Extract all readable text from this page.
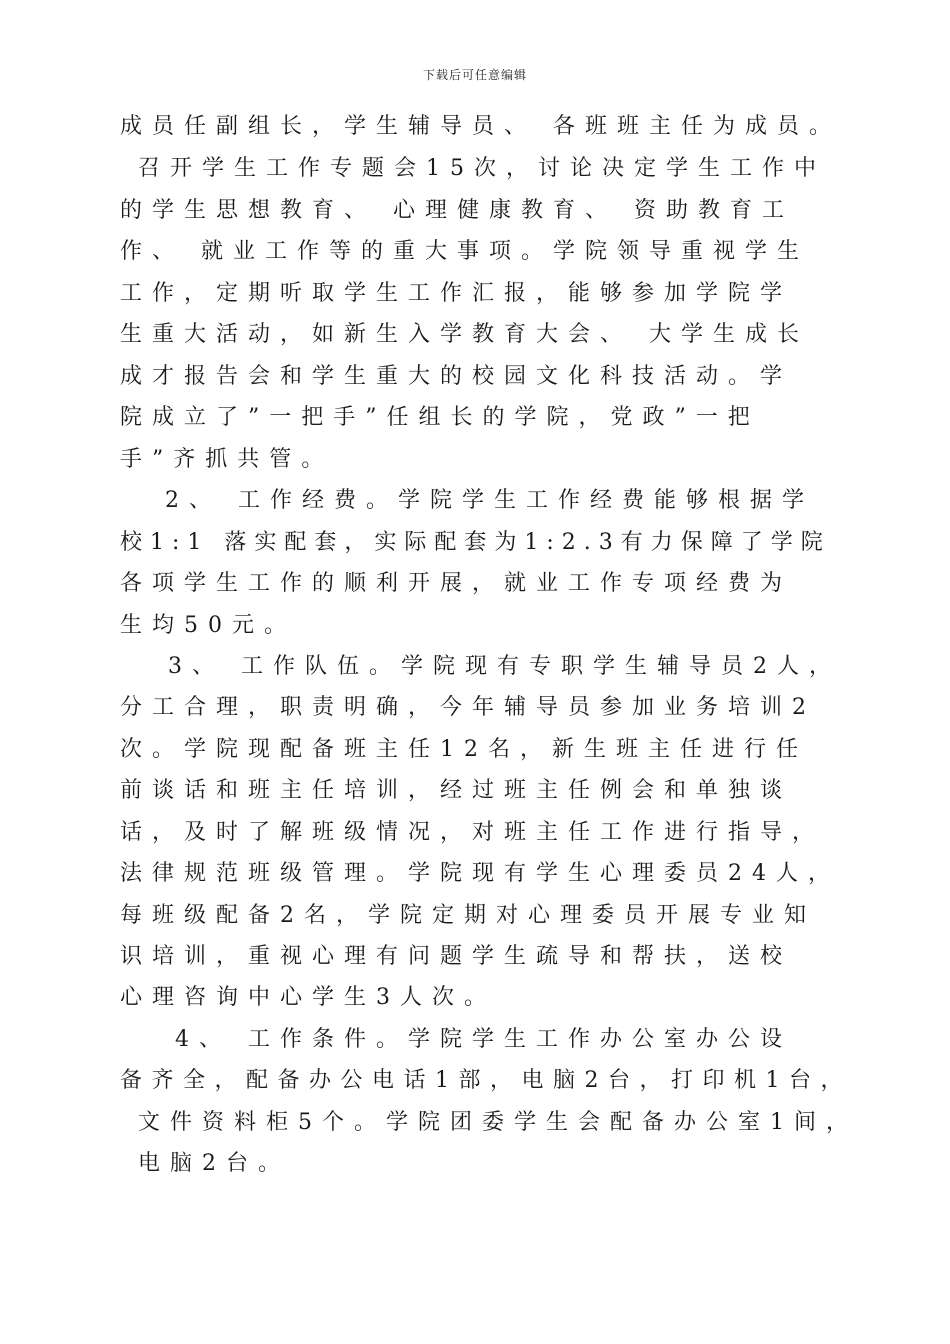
下载后可任意编辑
成员任副组长，学生辅导员、 各班班主任为成员。
召开学生工作专题会15次，讨论决定学生工作中
的学生思想教育、 心理健康教育、 资助教育工
作、 就业工作等的重大事项。学院领导重视学生
工作，定期听取学生工作汇报，能够参加学院学
生重大活动，如新生入学教育大会、 大学生成长
成才报告会和学生重大的校园文化科技活动。学
院成立了”一把手”任组长的学院，党政”一把
手”齐抓共管。
2、 工作经费。学院学生工作经费能够根据学
校1:1 落实配套，实际配套为1:2.3有力保障了学院
各项学生工作的顺利开展，就业工作专项经费为
生均50元。
3、 工作队伍。学院现有专职学生辅导员2人，
分工合理，职责明确，今年辅导员参加业务培训2
次。学院现配备班主任12名，新生班主任进行任
前谈话和班主任培训，经过班主任例会和单独谈
话，及时了解班级情况，对班主任工作进行指导，
法律规范班级管理。学院现有学生心理委员24人，
每班级配备2名，学院定期对心理委员开展专业知
识培训，重视心理有问题学生疏导和帮扶，送校
心理咨询中心学生3人次。
4、 工作条件。学院学生工作办公室办公设
备齐全，配备办公电话1部，电脑2台，打印机1台，
文件资料柜5个。学院团委学生会配备办公室1间，
电脑2台。
